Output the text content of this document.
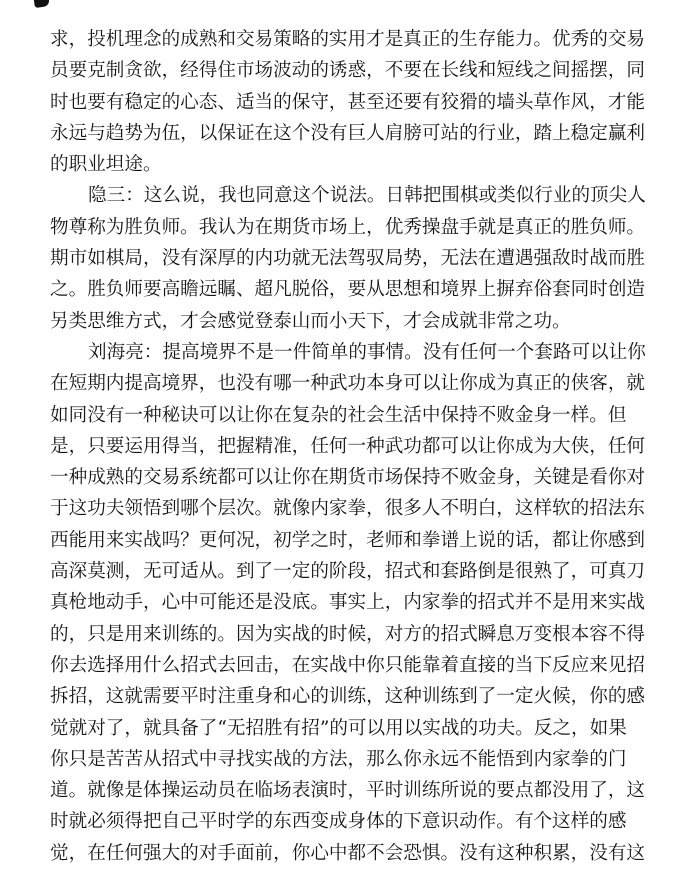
求，投机理念的成熟和交易策略的实用才是真正的生存能力。优秀的交易
员要克制贪欲，经得住市场波动的诱惑，不要在长线和短线之间摇摆，同
时也要有稳定的心态、适当的保守，甚至还要有狡猾的墙头草作风，才能
永远与趋势为伍，以保证在这个没有巨人肩膀可站的行业，踏上稳定赢利
的职业坦途。
隐三：这么说，我也同意这个说法。日韩把围棋或类似行业的顶尖人
物尊称为胜负师。我认为在期货市场上，优秀操盘手就是真正的胜负师。
期市如棋局，没有深厚的内功就无法驾驭局势，无法在遭遇强敌时战而胜
之。胜负师要高瞻远瞩、超凡脱俗，要从思想和境界上摒弃俗套同时创造
另类思维方式，才会感觉登泰山而小天下，才会成就非常之功。
刘海亮：提高境界不是一件简单的事情。没有任何一个套路可以让你
在短期内提高境界，也没有哪一种武功本身可以让你成为真正的侠客，就
如同没有一种秘诀可以让你在复杂的社会生活中保持不败金身一样。但
是，只要运用得当，把握精准，任何一种武功都可以让你成为大侠，任何
一种成熟的交易系统都可以让你在期货市场保持不败金身，关键是看你对
于这功夫领悟到哪个层次。就像内家拳，很多人不明白，这样软的招法东
西能用来实战吗？更何况，初学之时，老师和拳谱上说的话，都让你感到
高深莫测，无可适从。到了一定的阶段，招式和套路倒是很熟了，可真刀
真枪地动手，心中可能还是没底。事实上，内家拳的招式并不是用来实战
的，只是用来训练的。因为实战的时候，对方的招式瞬息万变根本容不得
你去选择用什么招式去回击，在实战中你只能靠着直接的当下反应来见招
拆招，这就需要平时注重身和心的训练，这种训练到了一定火候，你的感
觉就对了，就具备了“无招胜有招”的可以用以实战的功夫。反之，如果
你只是苦苦从招式中寻找实战的方法，那么你永远不能悟到内家拳的门
道。就像是体操运动员在临场表演时，平时训练所说的要点都没用了，这
时就必须得把自己平时学的东西变成身体的下意识动作。有个这样的感
觉，在任何强大的对手面前，你心中都不会恐惧。没有这种积累，没有这
